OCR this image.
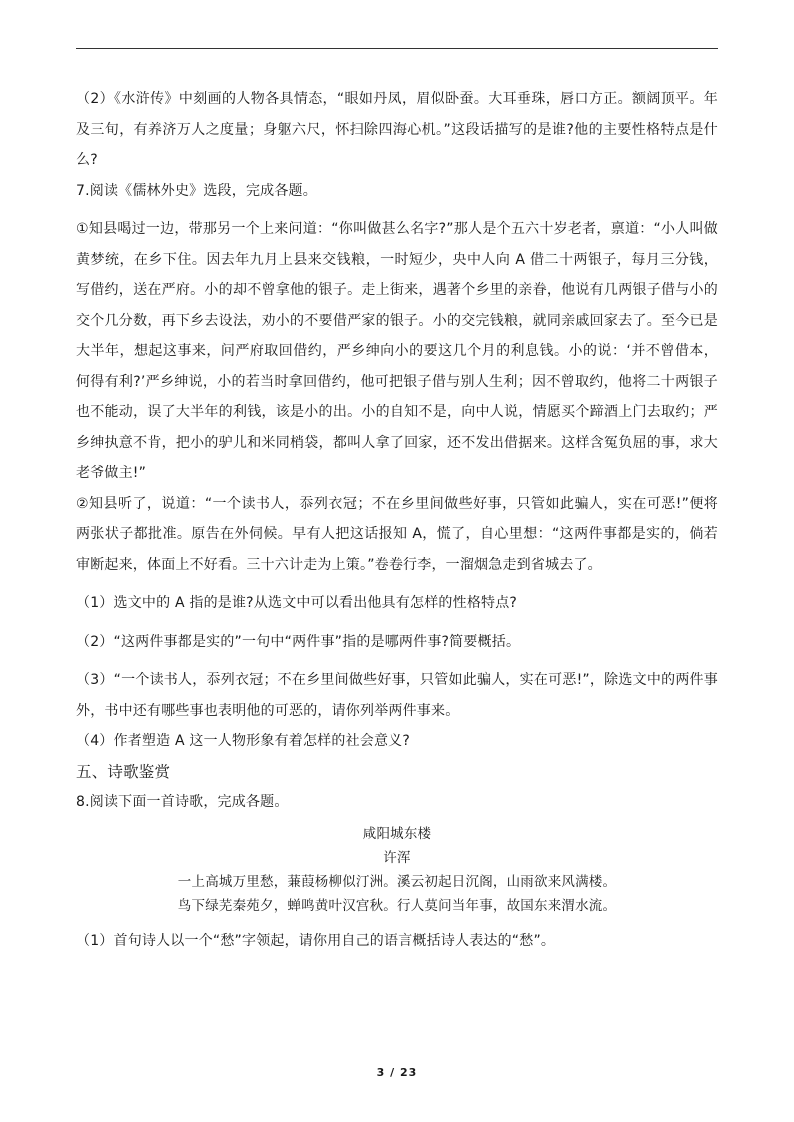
（2）《水浒传》中刻画的人物各具情态，“眼如丹凤，眉似卧蚕。大耳垂珠，唇口方正。额阔顶平。年及三旬，有养济万人之度量；身躯六尺，怀扫除四海心机。”这段话描写的是谁?他的主要性格特点是什么?

7.阅读《儒林外史》选段，完成各题。

①知县喝过一边，带那另一个上来问道：“你叫做甚么名字?”那人是个五六十岁老者，禀道：“小人叫做黄梦统，在乡下住。因去年九月上县来交钱粮，一时短少，央中人向 A 借二十两银子，每月三分钱，写借约，送在严府。小的却不曾拿他的银子。走上街来，遇著个乡里的亲眷，他说有几两银子借与小的交个几分数，再下乡去设法，劝小的不要借严家的银子。小的交完钱粮，就同亲戚回家去了。至今已是大半年，想起这事来，问严府取回借约，严乡绅向小的要这几个月的利息钱。小的说：‘并不曾借本，何得有利?’严乡绅说，小的若当时拿回借约，他可把银子借与别人生利；因不曾取约，他将二十两银子也不能动，误了大半年的利钱，该是小的出。小的自知不是，向中人说，情愿买个蹄酒上门去取约；严乡绅执意不肯，把小的驴儿和米同梢袋，都叫人拿了回家，还不发出借据来。这样含冤负屈的事，求大老爷做主!”

②知县听了，说道：“一个读书人，忝列衣冠；不在乡里间做些好事，只管如此骗人，实在可恶!”便将两张状子都批准。原告在外伺候。早有人把这话报知 A，慌了，自心里想：“这两件事都是实的，倘若审断起来，体面上不好看。三十六计走为上策。”卷卷行李，一溜烟急走到省城去了。

（1）选文中的 A 指的是谁?从选文中可以看出他具有怎样的性格特点?

（2）“这两件事都是实的”一句中“两件事”指的是哪两件事?简要概括。

（3）“一个读书人，忝列衣冠；不在乡里间做些好事，只管如此骗人，实在可恶!”，除选文中的两件事外，书中还有哪些事也表明他的可恶的，请你列举两件事来。

（4）作者塑造 A 这一人物形象有着怎样的社会意义?

五、诗歌鉴赏

8.阅读下面一首诗歌，完成各题。

咸阳城东楼
许浑
一上高城万里愁，蒹葭杨柳似汀洲。溪云初起日沉阁，山雨欲来风满楼。
鸟下绿芜秦苑夕，蝉鸣黄叶汉宫秋。行人莫问当年事，故国东来渭水流。

（1）首句诗人以一个“愁”字领起，请你用自己的语言概括诗人表达的“愁”。

3 / 23
